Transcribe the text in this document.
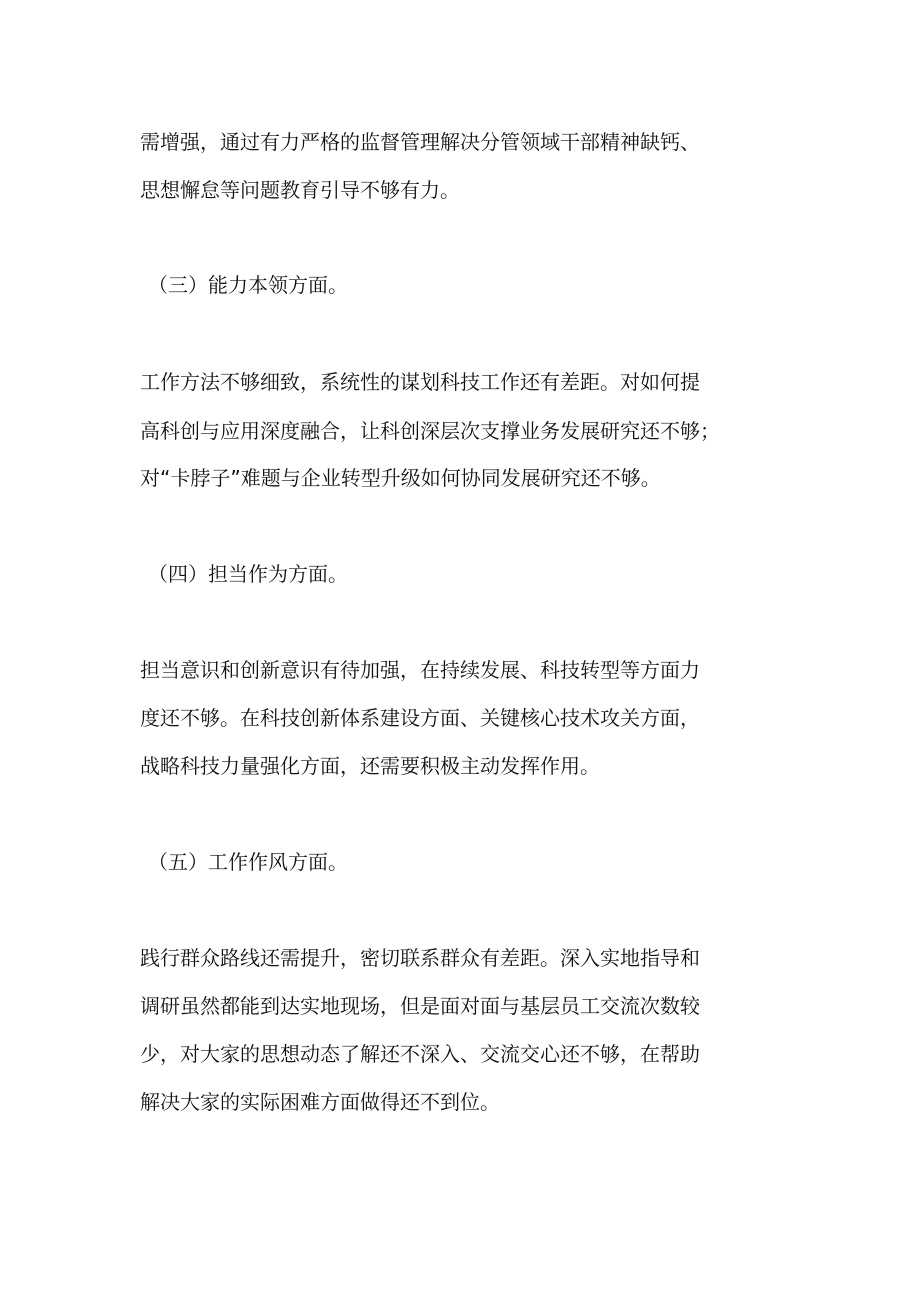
需增强，通过有力严格的监督管理解决分管领域干部精神缺钙、

思想懈怠等问题教育引导不够有力。

（三）能力本领方面。

工作方法不够细致，系统性的谋划科技工作还有差距。对如何提

高科创与应用深度融合，让科创深层次支撑业务发展研究还不够；

对“卡脖子”难题与企业转型升级如何协同发展研究还不够。

（四）担当作为方面。

担当意识和创新意识有待加强，在持续发展、科技转型等方面力

度还不够。在科技创新体系建设方面、关键核心技术攻关方面，

战略科技力量强化方面，还需要积极主动发挥作用。

（五）工作作风方面。

践行群众路线还需提升，密切联系群众有差距。深入实地指导和

调研虽然都能到达实地现场，但是面对面与基层员工交流次数较

少，对大家的思想动态了解还不深入、交流交心还不够，在帮助

解决大家的实际困难方面做得还不到位。
